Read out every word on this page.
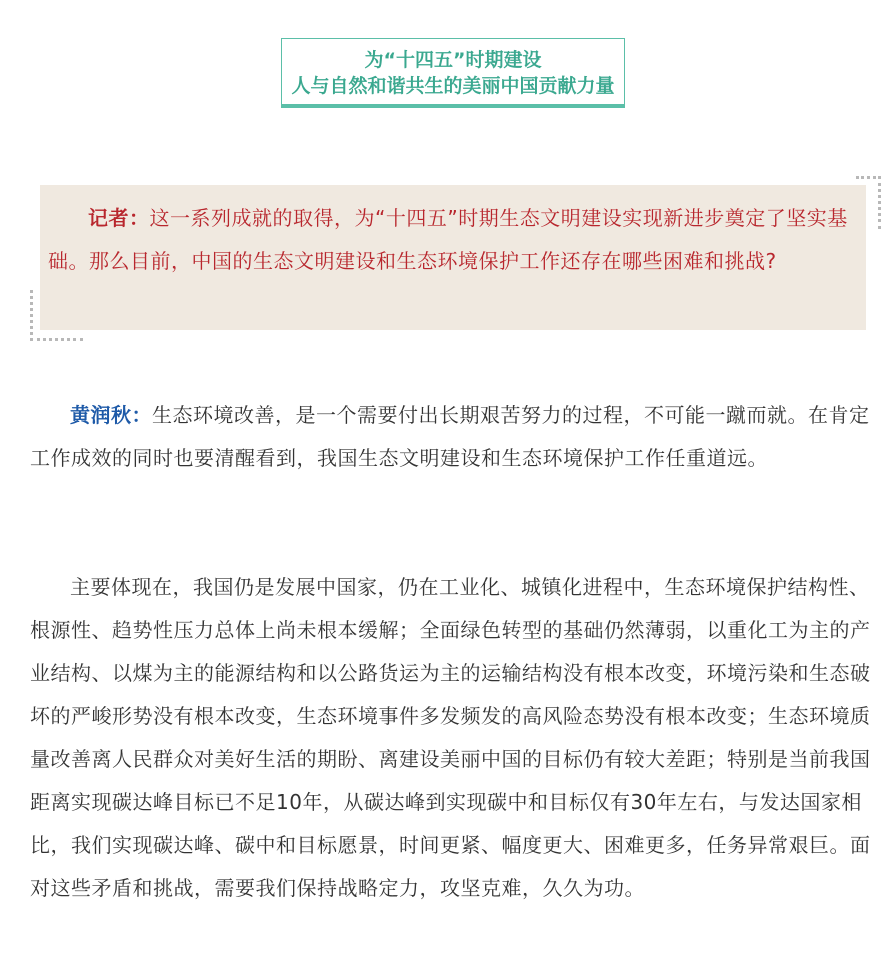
为“十四五”时期建设
人与自然和谐共生的美丽中国贡献力量

记者：这一系列成就的取得，为“十四五”时期生态文明建设实现新进步奠定了坚实基础。那么目前，中国的生态文明建设和生态环境保护工作还存在哪些困难和挑战?

黄润秋：生态环境改善，是一个需要付出长期艰苦努力的过程，不可能一蹴而就。在肯定工作成效的同时也要清醒看到，我国生态文明建设和生态环境保护工作任重道远。

主要体现在，我国仍是发展中国家，仍在工业化、城镇化进程中，生态环境保护结构性、根源性、趋势性压力总体上尚未根本缓解；全面绿色转型的基础仍然薄弱，以重化工为主的产业结构、以煤为主的能源结构和以公路货运为主的运输结构没有根本改变，环境污染和生态破坏的严峻形势没有根本改变，生态环境事件多发频发的高风险态势没有根本改变；生态环境质量改善离人民群众对美好生活的期盼、离建设美丽中国的目标仍有较大差距；特别是当前我国距离实现碳达峰目标已不足10年，从碳达峰到实现碳中和目标仅有30年左右，与发达国家相比，我们实现碳达峰、碳中和目标愿景，时间更紧、幅度更大、困难更多，任务异常艰巨。面对这些矛盾和挑战，需要我们保持战略定力，攻坚克难，久久为功。
